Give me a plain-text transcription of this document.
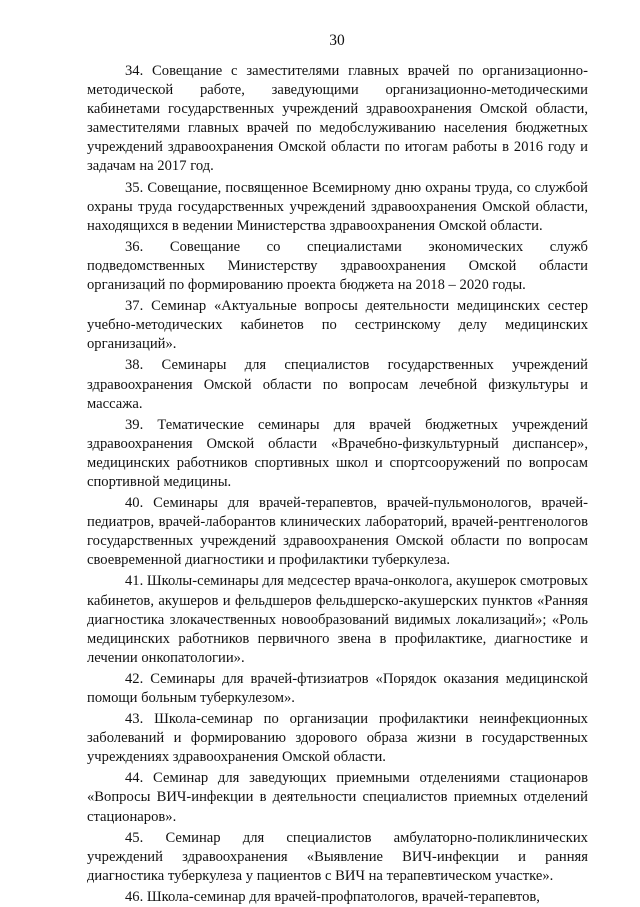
30

34. Совещание с заместителями главных врачей по организационно-методической работе, заведующими организационно-методическими кабинетами государственных учреждений здравоохранения Омской области, заместителями главных врачей по медобслуживанию населения бюджетных учреждений здравоохранения Омской области по итогам работы в 2016 году и задачам на 2017 год.

35. Совещание, посвященное Всемирному дню охраны труда, со службой охраны труда государственных учреждений здравоохранения Омской области, находящихся в ведении Министерства здравоохранения Омской области.

36. Совещание со специалистами экономических служб подведомственных Министерству здравоохранения Омской области организаций по формированию проекта бюджета на 2018 – 2020 годы.

37. Семинар «Актуальные вопросы деятельности медицинских сестер учебно-методических кабинетов по сестринскому делу медицинских организаций».

38. Семинары для специалистов государственных учреждений здравоохранения Омской области по вопросам лечебной физкультуры и массажа.

39. Тематические семинары для врачей бюджетных учреждений здравоохранения Омской области «Врачебно-физкультурный диспансер», медицинских работников спортивных школ и спортсооружений по вопросам спортивной медицины.

40. Семинары для врачей-терапевтов, врачей-пульмонологов, врачей-педиатров, врачей-лаборантов клинических лабораторий, врачей-рентгенологов государственных учреждений здравоохранения Омской области по вопросам своевременной диагностики и профилактики туберкулеза.

41. Школы-семинары для медсестер врача-онколога, акушерок смотровых кабинетов, акушеров и фельдшеров фельдшерско-акушерских пунктов «Ранняя диагностика злокачественных новообразований видимых локализаций»; «Роль медицинских работников первичного звена в профилактике, диагностике и лечении онкопатологии».

42. Семинары для врачей-фтизиатров «Порядок оказания медицинской помощи больным туберкулезом».

43. Школа-семинар по организации профилактики неинфекционных заболеваний и формированию здорового образа жизни в государственных учреждениях здравоохранения Омской области.

44. Семинар для заведующих приемными отделениями стационаров «Вопросы ВИЧ-инфекции в деятельности специалистов приемных отделений стационаров».

45. Семинар для специалистов амбулаторно-поликлинических учреждений здравоохранения «Выявление ВИЧ-инфекции и ранняя диагностика туберкулеза у пациентов с ВИЧ на терапевтическом участке».

46. Школа-семинар для врачей-профпатологов, врачей-терапевтов,
